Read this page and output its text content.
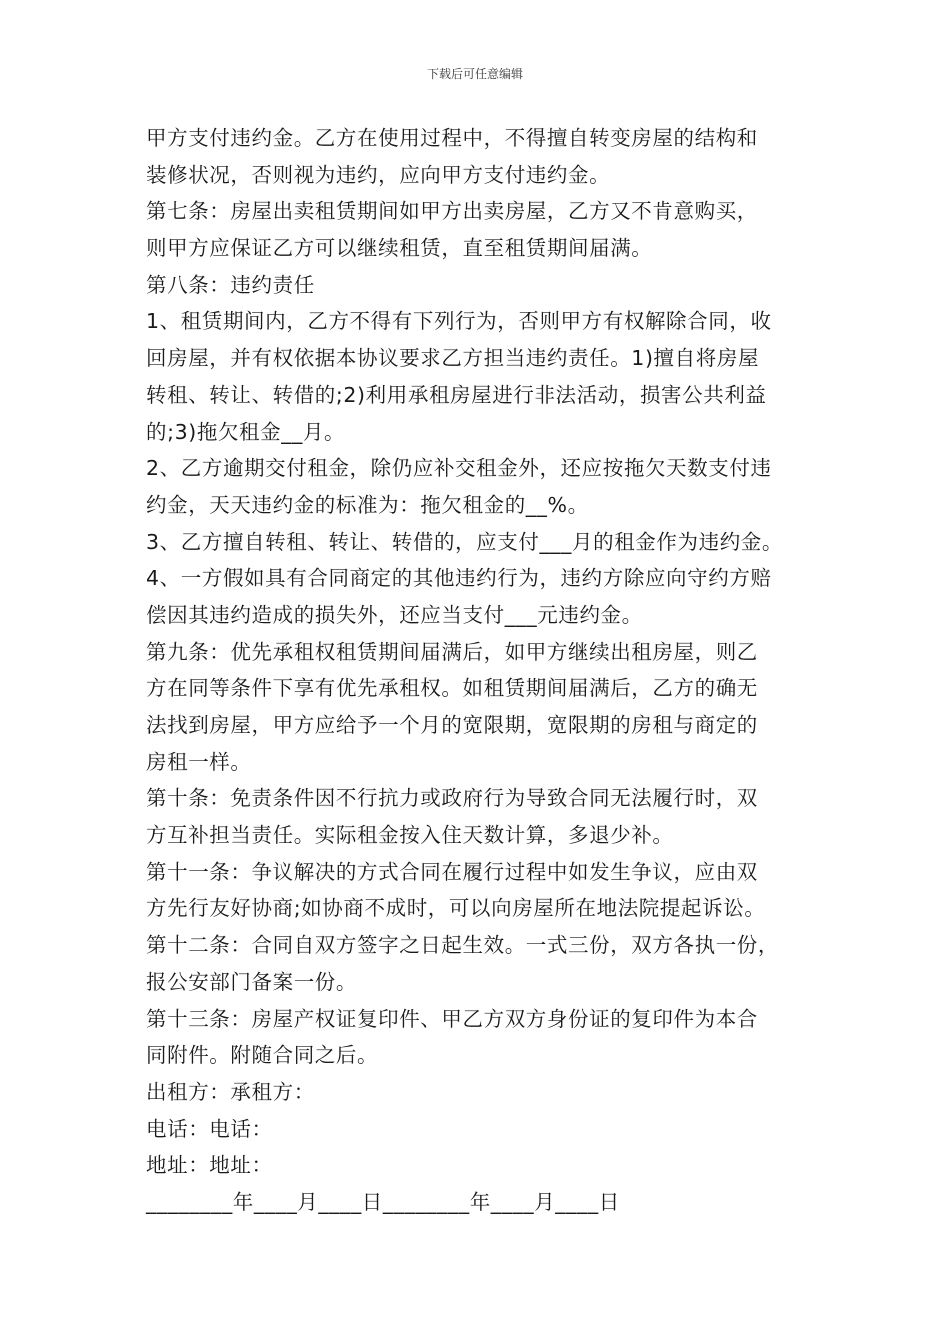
下载后可任意编辑
甲方支付违约金。乙方在使用过程中，不得擅自转变房屋的结构和
装修状况，否则视为违约，应向甲方支付违约金。
第七条：房屋出卖租赁期间如甲方出卖房屋，乙方又不肯意购买，
则甲方应保证乙方可以继续租赁，直至租赁期间届满。
第八条：违约责任
1、租赁期间内，乙方不得有下列行为，否则甲方有权解除合同，收
回房屋，并有权依据本协议要求乙方担当违约责任。1)擅自将房屋
转租、转让、转借的;2)利用承租房屋进行非法活动，损害公共利益
的;3)拖欠租金__月。
2、乙方逾期交付租金，除仍应补交租金外，还应按拖欠天数支付违
约金，天天违约金的标准为：拖欠租金的__%。
3、乙方擅自转租、转让、转借的，应支付___月的租金作为违约金。
4、一方假如具有合同商定的其他违约行为，违约方除应向守约方赔
偿因其违约造成的损失外，还应当支付___元违约金。
第九条：优先承租权租赁期间届满后，如甲方继续出租房屋，则乙
方在同等条件下享有优先承租权。如租赁期间届满后，乙方的确无
法找到房屋，甲方应给予一个月的宽限期，宽限期的房租与商定的
房租一样。
第十条：免责条件因不行抗力或政府行为导致合同无法履行时，双
方互补担当责任。实际租金按入住天数计算，多退少补。
第十一条：争议解决的方式合同在履行过程中如发生争议，应由双
方先行友好协商;如协商不成时，可以向房屋所在地法院提起诉讼。
第十二条：合同自双方签字之日起生效。一式三份，双方各执一份，
报公安部门备案一份。
第十三条：房屋产权证复印件、甲乙方双方身份证的复印件为本合
同附件。附随合同之后。
出租方：承租方：
电话：电话：
地址：地址：
________年____月____日________年____月____日
